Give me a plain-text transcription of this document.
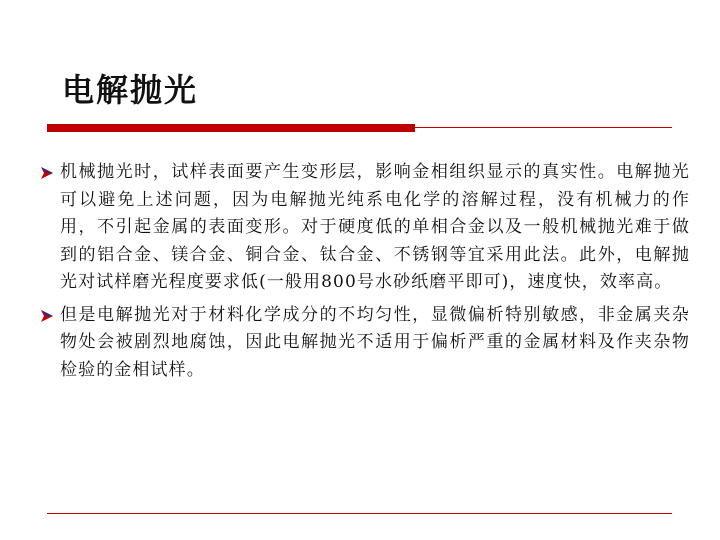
电解抛光
机械抛光时，试样表面要产生变形层，影响金相组织显示的真实性。电解抛光可以避免上述问题，因为电解抛光纯系电化学的溶解过程，没有机械力的作用，不引起金属的表面变形。对于硬度低的单相合金以及一般机械抛光难于做到的铝合金、镁合金、铜合金、钛合金、不锈钢等宜采用此法。此外，电解抛光对试样磨光程度要求低(一般用800号水砂纸磨平即可)，速度快，效率高。
但是电解抛光对于材料化学成分的不均匀性，显微偏析特别敏感，非金属夹杂物处会被剧烈地腐蚀，因此电解抛光不适用于偏析严重的金属材料及作夹杂物检验的金相试样。
